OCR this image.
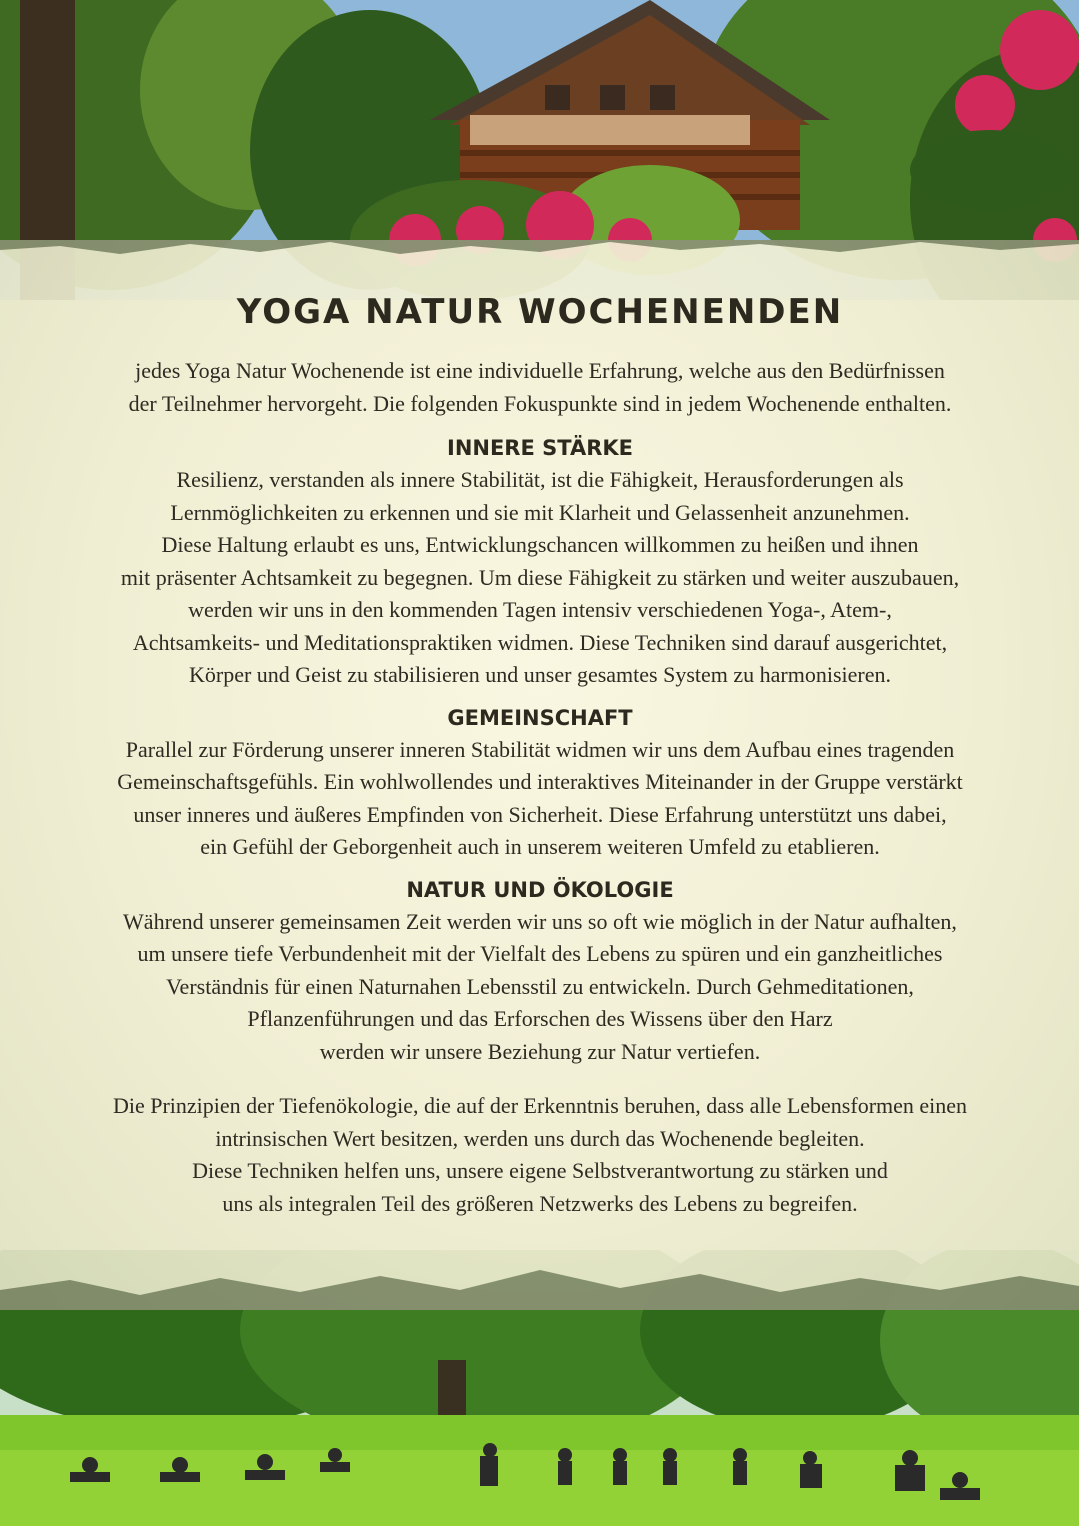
YOGA NATUR WOCHENENDEN
jedes Yoga Natur Wochenende ist eine individuelle Erfahrung, welche aus den Bedürfnissen
der Teilnehmer hervorgeht. Die folgenden Fokuspunkte sind in jedem Wochenende enthalten.
INNERE STÄRKE
Resilienz, verstanden als innere Stabilität, ist die Fähigkeit, Herausforderungen als
Lernmöglichkeiten zu erkennen und sie mit Klarheit und Gelassenheit anzunehmen.
Diese Haltung erlaubt es uns, Entwicklungschancen willkommen zu heißen und ihnen
mit präsenter Achtsamkeit zu begegnen. Um diese Fähigkeit zu stärken und weiter auszubauen,
werden wir uns in den kommenden Tagen intensiv verschiedenen Yoga-, Atem-,
Achtsamkeits- und Meditationspraktiken widmen. Diese Techniken sind darauf ausgerichtet,
Körper und Geist zu stabilisieren und unser gesamtes System zu harmonisieren.
GEMEINSCHAFT
Parallel zur Förderung unserer inneren Stabilität widmen wir uns dem Aufbau eines tragenden
Gemeinschaftsgefühls. Ein wohlwollendes und interaktives Miteinander in der Gruppe verstärkt
unser inneres und äußeres Empfinden von Sicherheit. Diese Erfahrung unterstützt uns dabei,
ein Gefühl der Geborgenheit auch in unserem weiteren Umfeld zu etablieren.
NATUR UND ÖKOLOGIE
Während unserer gemeinsamen Zeit werden wir uns so oft wie möglich in der Natur aufhalten,
um unsere tiefe Verbundenheit mit der Vielfalt des Lebens zu spüren und ein ganzheitliches
Verständnis für einen Naturnahen Lebensstil zu entwickeln. Durch Gehmeditationen,
Pflanzenführungen und das Erforschen des Wissens über den Harz
werden wir unsere Beziehung zur Natur vertiefen.
Die Prinzipien der Tiefenökologie, die auf der Erkenntnis beruhen, dass alle Lebensformen einen
intrinsischen Wert besitzen, werden uns durch das Wochenende begleiten.
Diese Techniken helfen uns, unsere eigene Selbstverantwortung zu stärken und
uns als integralen Teil des größeren Netzwerks des Lebens zu begreifen.
